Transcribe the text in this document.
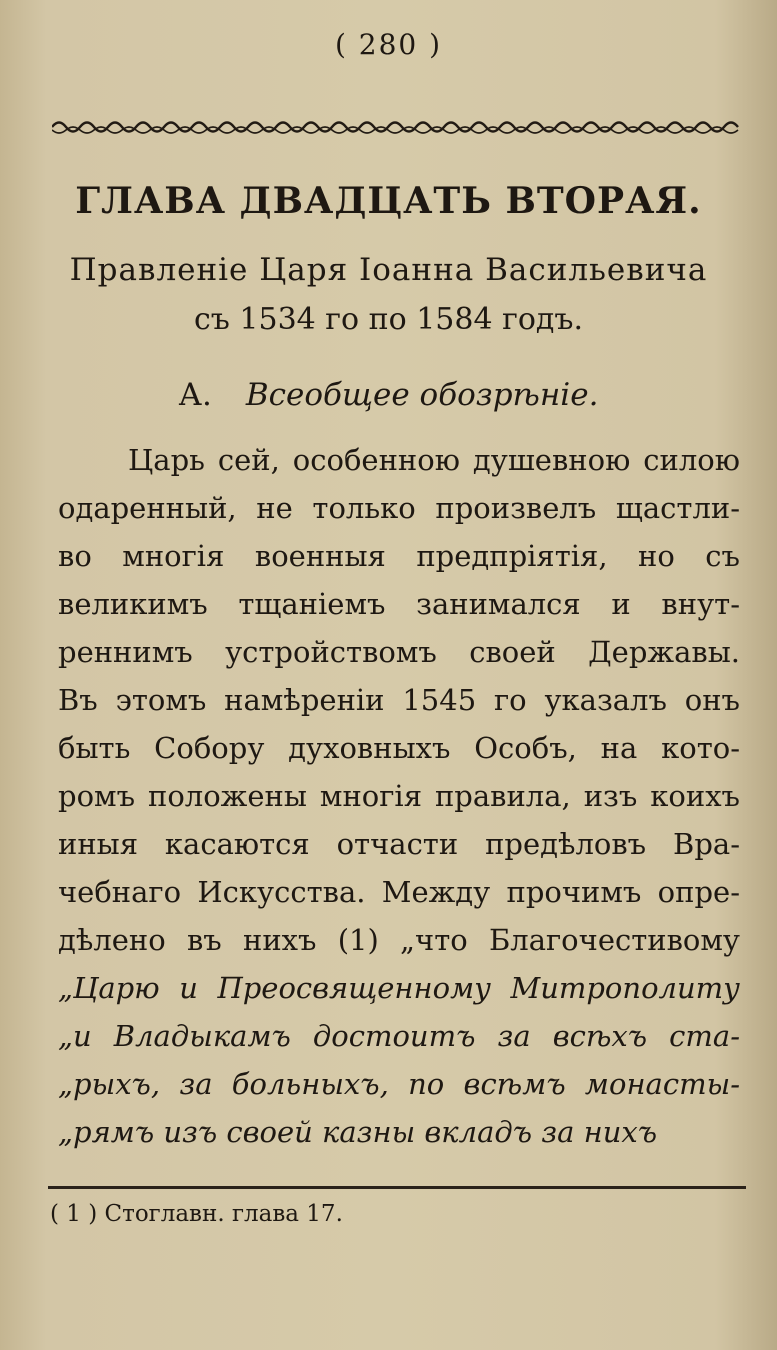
( 280 )
ГЛАВА ДВАДЦАТЬ ВТОРАЯ.
Правленіе Царя Іоанна Васильевича
съ 1534 го по 1584 годъ.
А. Всеобщее обозрѣніе.
Царь сей, особенною душевною силою
одаренный, не только произвелъ щастли-
во многія военныя предпріятія, но съ
великимъ тщаніемъ занимался и внут-
реннимъ устройствомъ своей Державы.
Въ этомъ намѣреніи 1545 го указалъ онъ
быть Собору духовныхъ Особъ, на кото-
ромъ положены многія правила, изъ коихъ
иныя касаются отчасти предѣловъ Вра-
чебнаго Искусства. Между прочимъ опре-
дѣлено въ нихъ (1) „что Благочестивому
„Царю и Преосвященному Митрополиту
„и Владыкамъ достоитъ за всѣхъ ста-
„рыхъ, за больныхъ, по всѣмъ монасты-
„рямъ изъ своей казны вкладъ за нихъ
( 1 ) Стоглавн. глава 17.
